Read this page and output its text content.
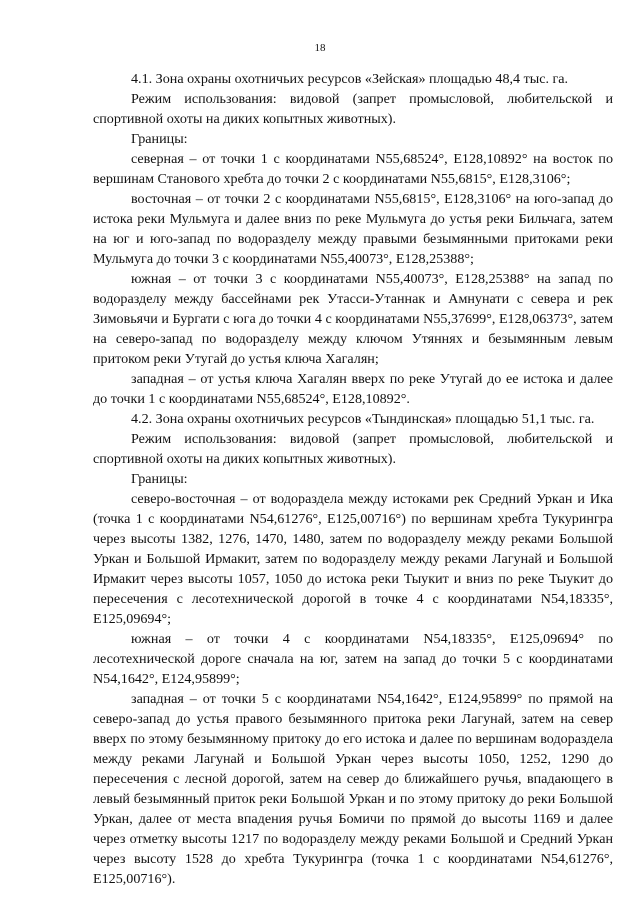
18

4.1. Зона охраны охотничьих ресурсов «Зейская» площадью 48,4 тыс. га.

Режим использования: видовой (запрет промысловой, любительской и спортивной охоты на диких копытных животных).

Границы:

северная – от точки 1 с координатами N55,68524°, E128,10892° на восток по вершинам Станового хребта до точки 2 с координатами N55,6815°, E128,3106°;

восточная – от точки 2 с координатами N55,6815°, E128,3106° на юго-запад до истока реки Мульмуга и далее вниз по реке Мульмуга до устья реки Бильчага, затем на юг и юго-запад по водоразделу между правыми безымянными притоками реки Мульмуга до точки 3 с координатами N55,40073°, E128,25388°;

южная – от точки 3 с координатами N55,40073°, E128,25388° на запад по водоразделу между бассейнами рек Утасси-Утаннак и Амнунати с севера и рек Зимовьячи и Бургати с юга до точки 4 с координатами N55,37699°, E128,06373°, затем на северо-запад по водоразделу между ключом Утяннях и безымянным левым притоком реки Утугай до устья ключа Хагалян;

западная – от устья ключа Хагалян вверх по реке Утугай до ее истока и далее до точки 1 с координатами N55,68524°, E128,10892°.

4.2. Зона охраны охотничьих ресурсов «Тындинская» площадью 51,1 тыс. га.

Режим использования: видовой (запрет промысловой, любительской и спортивной охоты на диких копытных животных).

Границы:

северо-восточная – от водораздела между истоками рек Средний Уркан и Ика (точка 1 с координатами N54,61276°, E125,00716°) по вершинам хребта Тукурингра через высоты 1382, 1276, 1470, 1480, затем по водоразделу между реками Большой Уркан и Большой Ирмакит, затем по водоразделу между реками Лагунай и Большой Ирмакит через высоты 1057, 1050 до истока реки Тыукит и вниз по реке Тыукит до пересечения с лесотехнической дорогой в точке 4 с координатами N54,18335°, E125,09694°;

южная – от точки 4 с координатами N54,18335°, E125,09694° по лесотехнической дороге сначала на юг, затем на запад до точки 5 с координатами N54,1642°, E124,95899°;

западная – от точки 5 с координатами N54,1642°, E124,95899° по прямой на северо-запад до устья правого безымянного притока реки Лагунай, затем на север вверх по этому безымянному притоку до его истока и далее по вершинам водораздела между реками Лагунай и Большой Уркан через высоты 1050, 1252, 1290 до пересечения с лесной дорогой, затем на север до ближайшего ручья, впадающего в левый безымянный приток реки Большой Уркан и по этому притоку до реки Большой Уркан, далее от места впадения ручья Бомичи по прямой до высоты 1169 и далее через отметку высоты 1217 по водоразделу между реками Большой и Средний Уркан через высоту 1528 до хребта Тукурингра (точка 1 с координатами N54,61276°, E125,00716°).
